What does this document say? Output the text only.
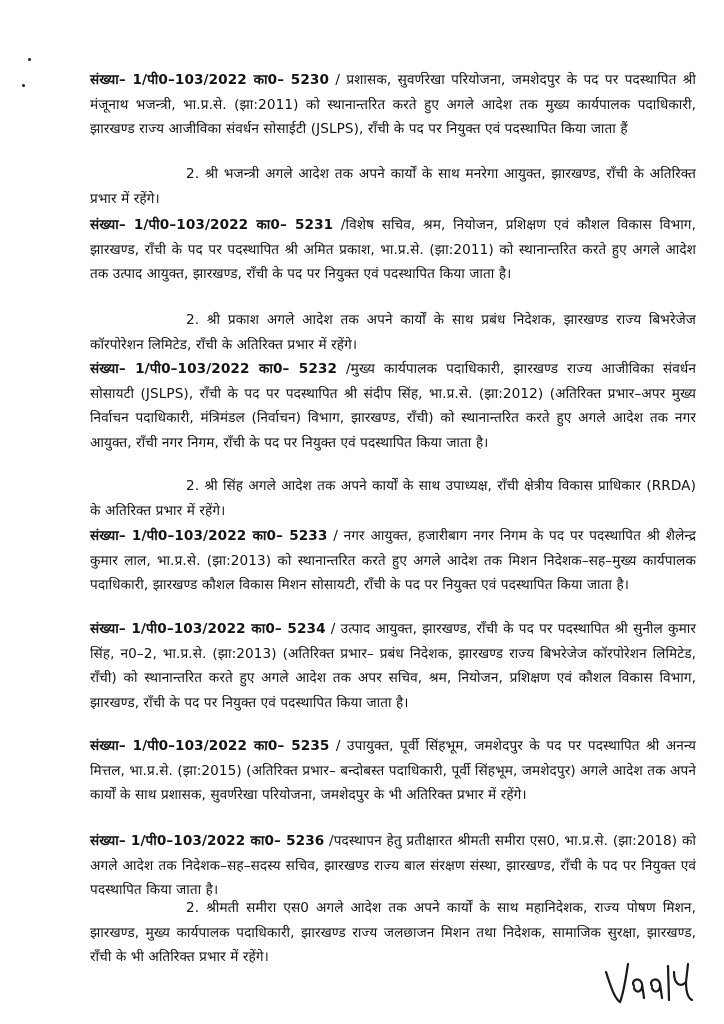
संख्या– 1/पी0–103/2022 का0– 5230 / प्रशासक, सुवर्णरेखा परियोजना, जमशेदपुर के पद पर पदस्थापित श्री मंजूनाथ भजन्त्री, भा.प्र.से. (झा:2011) को स्थानान्तरित करते हुए अगले आदेश तक मुख्य कार्यपालक पदाधिकारी, झारखण्ड राज्य आजीविका संवर्धन सोसाईटी (JSLPS), राँची के पद पर नियुक्त एवं पदस्थापित किया जाता हैं

2. श्री भजन्त्री अगले आदेश तक अपने कार्यों के साथ मनरेगा आयुक्त, झारखण्ड, राँची के अतिरिक्त प्रभार में रहेंगे।

संख्या– 1/पी0–103/2022 का0– 5231 /विशेष सचिव, श्रम, नियोजन, प्रशिक्षण एवं कौशल विकास विभाग, झारखण्ड, राँची के पद पर पदस्थापित श्री अमित प्रकाश, भा.प्र.से. (झा:2011) को स्थानान्तरित करते हुए अगले आदेश तक उत्पाद आयुक्त, झारखण्ड, राँची के पद पर नियुक्त एवं पदस्थापित किया जाता है।

2. श्री प्रकाश अगले आदेश तक अपने कार्यों के साथ प्रबंध निदेशक, झारखण्ड राज्य बिभरेजेज कॉरपोरेशन लिमिटेड, राँची के अतिरिक्त प्रभार में रहेंगे।

संख्या– 1/पी0–103/2022 का0– 5232 /मुख्य कार्यपालक पदाधिकारी, झारखण्ड राज्य आजीविका संवर्धन सोसायटी (JSLPS), राँची के पद पर पदस्थापित श्री संदीप सिंह, भा.प्र.से. (झा:2012) (अतिरिक्त प्रभार–अपर मुख्य निर्वाचन पदाधिकारी, मंत्रिमंडल (निर्वाचन) विभाग, झारखण्ड, राँची) को स्थानान्तरित करते हुए अगले आदेश तक नगर आयुक्त, राँची नगर निगम, राँची के पद पर नियुक्त एवं पदस्थापित किया जाता है।

2. श्री सिंह अगले आदेश तक अपने कार्यों के साथ उपाध्यक्ष, राँची क्षेत्रीय विकास प्राधिकार (RRDA) के अतिरिक्त प्रभार में रहेंगे।

संख्या– 1/पी0–103/2022 का0– 5233 / नगर आयुक्त, हजारीबाग नगर निगम के पद पर पदस्थापित श्री शैलेन्द्र कुमार लाल, भा.प्र.से. (झा:2013) को स्थानान्तरित करते हुए अगले आदेश तक मिशन निदेशक–सह–मुख्य कार्यपालक पदाधिकारी, झारखण्ड कौशल विकास मिशन सोसायटी, राँची के पद पर नियुक्त एवं पदस्थापित किया जाता है।

संख्या– 1/पी0–103/2022 का0– 5234 / उत्पाद आयुक्त, झारखण्ड, राँची के पद पर पदस्थापित श्री सुनील कुमार सिंह, न0–2, भा.प्र.से. (झा:2013) (अतिरिक्त प्रभार– प्रबंध निदेशक, झारखण्ड राज्य बिभरेजेज कॉरपोरेशन लिमिटेड, राँची) को स्थानान्तरित करते हुए अगले आदेश तक अपर सचिव, श्रम, नियोजन, प्रशिक्षण एवं कौशल विकास विभाग, झारखण्ड, राँची के पद पर नियुक्त एवं पदस्थापित किया जाता है।

संख्या– 1/पी0–103/2022 का0– 5235 / उपायुक्त, पूर्वी सिंहभूम, जमशेदपुर के पद पर पदस्थापित श्री अनन्य मित्तल, भा.प्र.से. (झा:2015) (अतिरिक्त प्रभार– बन्दोबस्त पदाधिकारी, पूर्वी सिंहभूम, जमशेदपुर) अगले आदेश तक अपने कार्यों के साथ प्रशासक, सुवर्णरेखा परियोजना, जमशेदपुर के भी अतिरिक्त प्रभार में रहेंगे।

संख्या– 1/पी0–103/2022 का0– 5236 /पदस्थापन हेतु प्रतीक्षारत श्रीमती समीरा एस0, भा.प्र.से. (झा:2018) को अगले आदेश तक निदेशक–सह–सदस्य सचिव, झारखण्ड राज्य बाल संरक्षण संस्था, झारखण्ड, राँची के पद पर नियुक्त एवं पदस्थापित किया जाता है।

2. श्रीमती समीरा एस0 अगले आदेश तक अपने कार्यों के साथ महानिदेशक, राज्य पोषण मिशन, झारखण्ड, मुख्य कार्यपालक पदाधिकारी, झारखण्ड राज्य जलछाजन मिशन तथा निदेशक, सामाजिक सुरक्षा, झारखण्ड, राँची के भी अतिरिक्त प्रभार में रहेंगे।
